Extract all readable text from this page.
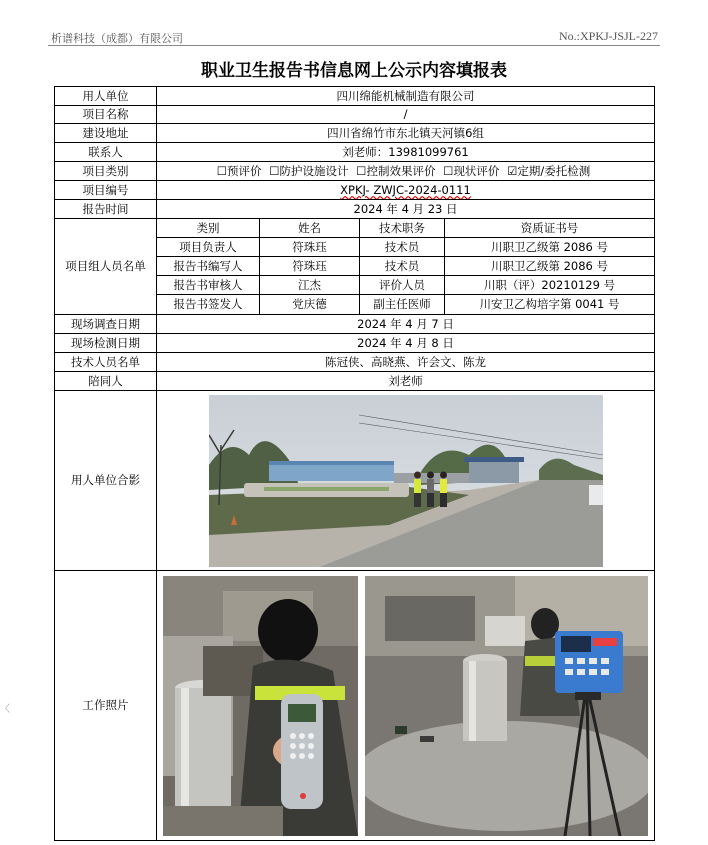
析谱科技（成都）有限公司	No.:XPKJ-JSJL-227
职业卫生报告书信息网上公示内容填报表
〈
用人单位	四川绵能机械制造有限公司			
项目名称	/			
建设地址	四川省绵竹市东北镇天河镇6组			
联系人	刘老师：13981099761			
项目类别	☐预评价 ☐防护设施设计 ☐控制效果评价 ☐现状评价 ☑定期/委托检测			
项目编号	XPKJ- ZWJC-2024-0111			
报告时间	2024 年 4 月 23 日			
项目组人员名单	类别	姓名	技术职务	资质证书号
	项目负责人	符珠珏	技术员	川职卫乙级第 2086 号
	报告书编写人	符珠珏	技术员	川职卫乙级第 2086 号
	报告书审核人	江杰	评价人员	川职（评）20210129 号
	报告书签发人	党庆德	副主任医师	川安卫乙构培字第 0041 号
现场调查日期	2024 年 4 月 7 日			
现场检测日期	2024 年 4 月 8 日			
技术人员名单	陈冠侠、高晓燕、许会文、陈龙			
陪同人	刘老师			
用人单位合影	

工作照片	
